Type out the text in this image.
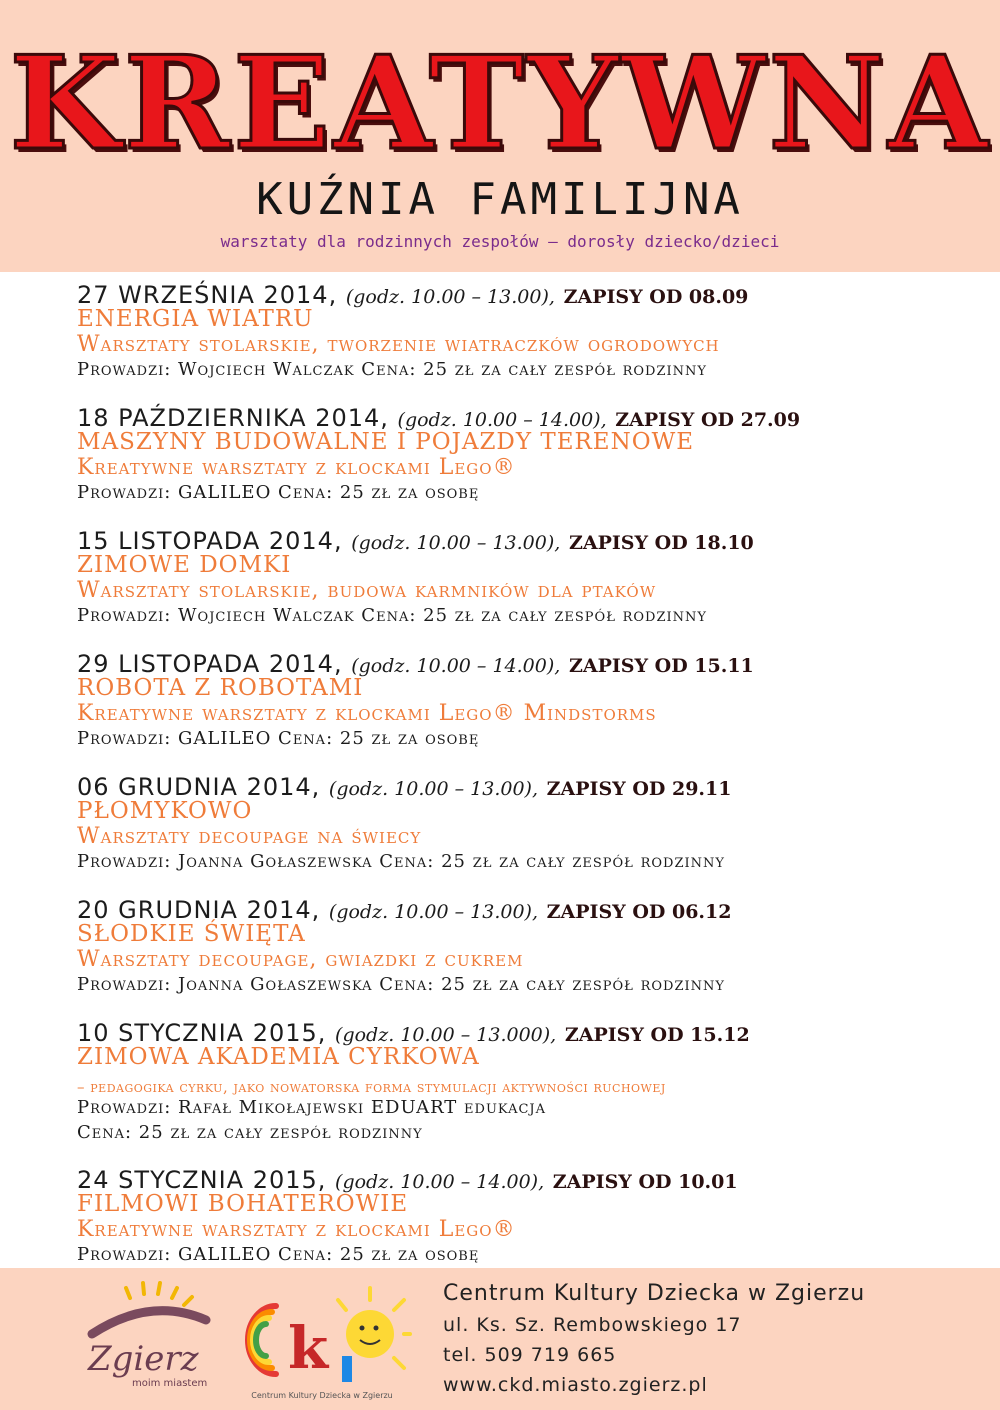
KREATYWNA
KUŹNIA FAMILIJNA
warsztaty dla rodzinnych zespołów – dorosły dziecko/dzieci
27 WRZEŚNIA 2014, (godz. 10.00 – 13.00), ZAPISY OD 08.09
ENERGIA WIATRU
Warsztaty stolarskie, tworzenie wiatraczków ogrodowych
Prowadzi: Wojciech Walczak Cena: 25 zł za cały zespół rodzinny
18 PAŹDZIERNIKA 2014, (godz. 10.00 – 14.00), ZAPISY OD 27.09
MASZYNY BUDOWALNE I POJAZDY TERENOWE
Kreatywne warsztaty z klockami Lego®
Prowadzi: GALILEO Cena: 25 zł za osobę
15 LISTOPADA 2014, (godz. 10.00 – 13.00), ZAPISY OD 18.10
ZIMOWE DOMKI
Warsztaty stolarskie, budowa karmników dla ptaków
Prowadzi: Wojciech Walczak Cena: 25 zł za cały zespół rodzinny
29 LISTOPADA 2014, (godz. 10.00 – 14.00), ZAPISY OD 15.11
ROBOTA Z ROBOTAMI
Kreatywne warsztaty z klockami Lego® Mindstorms
Prowadzi: GALILEO Cena: 25 zł za osobę
06 GRUDNIA 2014, (godz. 10.00 – 13.00), ZAPISY OD 29.11
PŁOMYKOWO
Warsztaty decoupage na świecy
Prowadzi: Joanna Gołaszewska Cena: 25 zł za cały zespół rodzinny
20 GRUDNIA 2014, (godz. 10.00 – 13.00), ZAPISY OD 06.12
SŁODKIE ŚWIĘTA
Warsztaty decoupage, gwiazdki z cukrem
Prowadzi: Joanna Gołaszewska Cena: 25 zł za cały zespół rodzinny
10 STYCZNIA 2015, (godz. 10.00 – 13.000), ZAPISY OD 15.12
ZIMOWA AKADEMIA CYRKOWA
– pedagogika cyrku, jako nowatorska forma stymulacji aktywności ruchowej
Prowadzi: Rafał Mikołajewski EDUART edukacja
Cena: 25 zł za cały zespół rodzinny
24 STYCZNIA 2015, (godz. 10.00 – 14.00), ZAPISY OD 10.01
FILMOWI BOHATEROWIE
Kreatywne warsztaty z klockami Lego®
Prowadzi: GALILEO Cena: 25 zł za osobę
Zgierz
moim miastem
k
Centrum Kultury Dziecka w Zgierzu
Centrum Kultury Dziecka w Zgierzu
ul. Ks. Sz. Rembowskiego 17
tel. 509 719 665
www.ckd.miasto.zgierz.pl
